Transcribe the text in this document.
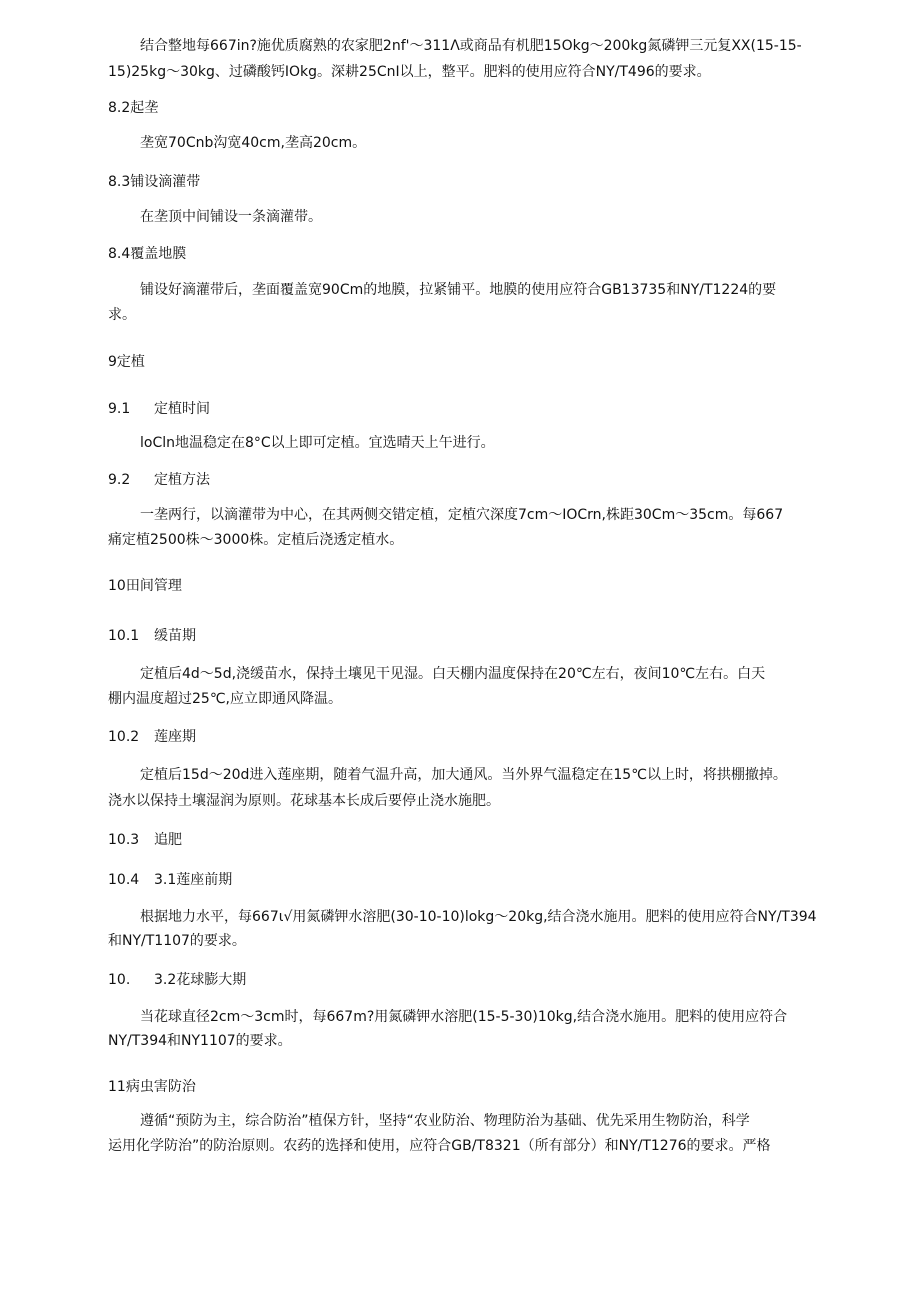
结合整地每667in?施优质腐熟的农家肥2nf'～311Λ或商品有机肥15Okg～200kg氮磷钾三元复XX(15-15-
15)25kg～30kg、过磷酸钙IOkg。深耕25CnI以上，整平。肥料的使用应符合NY/T496的要求。
8.2起垄
垄宽70Cnb沟宽40cm,垄高20cm。
8.3铺设滴灌带
在垄顶中间铺设一条滴灌带。
8.4覆盖地膜
铺设好滴灌带后，垄面覆盖宽90Cm的地膜，拉紧铺平。地膜的使用应符合GB13735和NY/T1224的要
求。
9定植
9.1 定植时间
loCln地温稳定在8°C以上即可定植。宜选晴天上午进行。
9.2 定植方法
一垄两行，以滴灌带为中心，在其两侧交错定植，定植穴深度7cm～IOCrn,株距30Cm～35cm。每667
痛定植2500株～3000株。定植后浇透定植水。
10田间管理
10.1 缓苗期
定植后4d～5d,浇缓苗水，保持土壤见干见湿。白天棚内温度保持在20℃左右，夜间10℃左右。白天
棚内温度超过25℃,应立即通风降温。
10.2 莲座期
定植后15d～20d进入莲座期，随着气温升高，加大通风。当外界气温稳定在15℃以上时，将拱棚撤掉。
浇水以保持土壤湿润为原则。花球基本长成后要停止浇水施肥。
10.3 追肥
10.4 3.1莲座前期
根据地力水平，每667ι√用氮磷钾水溶肥(30-10-10)lokg～20kg,结合浇水施用。肥料的使用应符合NY/T394
和NY/T1107的要求。
10. 3.2花球膨大期
当花球直径2cm～3cm时，每667m?用氮磷钾水溶肥(15-5-30)10kg,结合浇水施用。肥料的使用应符合
NY/T394和NY1107的要求。
11病虫害防治
遵循“预防为主，综合防治”植保方针，坚持“农业防治、物理防治为基础、优先采用生物防治，科学
运用化学防治”的防治原则。农药的选择和使用，应符合GB/T8321（所有部分）和NY/T1276的要求。严格
